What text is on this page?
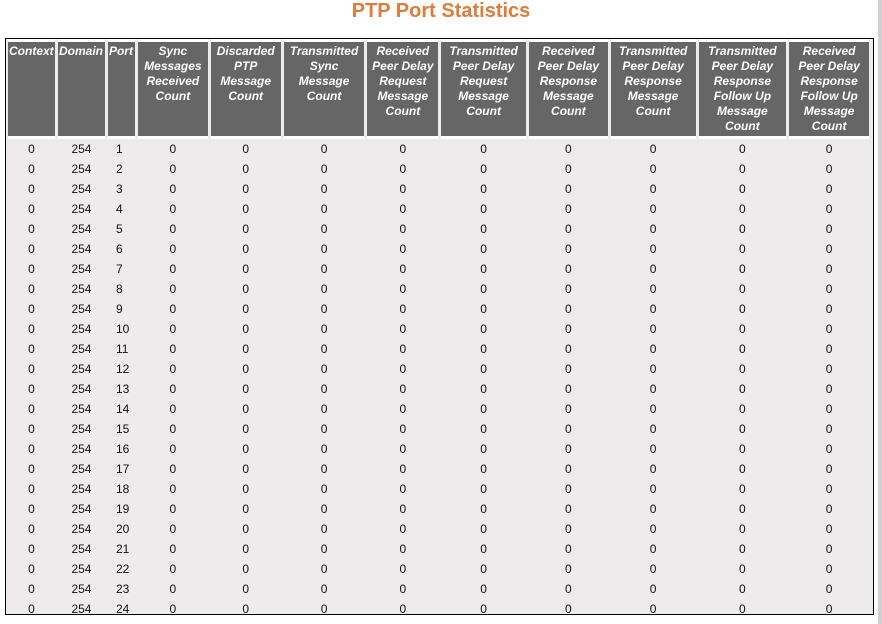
PTP Port Statistics
Context	Domain	Port	Sync Messages Received Count	Discarded PTP Message Count	Transmitted Sync Message Count	Received Peer Delay Request Message Count	Transmitted Peer Delay Request Message Count	Received Peer Delay Response Message Count	Transmitted Peer Delay Response Message Count	Transmitted Peer Delay Response Follow Up Message Count	Received Peer Delay Response Follow Up Message Count
0	254	1	0	0	0	0	0	0	0	0	0
0	254	2	0	0	0	0	0	0	0	0	0
0	254	3	0	0	0	0	0	0	0	0	0
0	254	4	0	0	0	0	0	0	0	0	0
0	254	5	0	0	0	0	0	0	0	0	0
0	254	6	0	0	0	0	0	0	0	0	0
0	254	7	0	0	0	0	0	0	0	0	0
0	254	8	0	0	0	0	0	0	0	0	0
0	254	9	0	0	0	0	0	0	0	0	0
0	254	10	0	0	0	0	0	0	0	0	0
0	254	11	0	0	0	0	0	0	0	0	0
0	254	12	0	0	0	0	0	0	0	0	0
0	254	13	0	0	0	0	0	0	0	0	0
0	254	14	0	0	0	0	0	0	0	0	0
0	254	15	0	0	0	0	0	0	0	0	0
0	254	16	0	0	0	0	0	0	0	0	0
0	254	17	0	0	0	0	0	0	0	0	0
0	254	18	0	0	0	0	0	0	0	0	0
0	254	19	0	0	0	0	0	0	0	0	0
0	254	20	0	0	0	0	0	0	0	0	0
0	254	21	0	0	0	0	0	0	0	0	0
0	254	22	0	0	0	0	0	0	0	0	0
0	254	23	0	0	0	0	0	0	0	0	0
0	254	24	0	0	0	0	0	0	0	0	0
